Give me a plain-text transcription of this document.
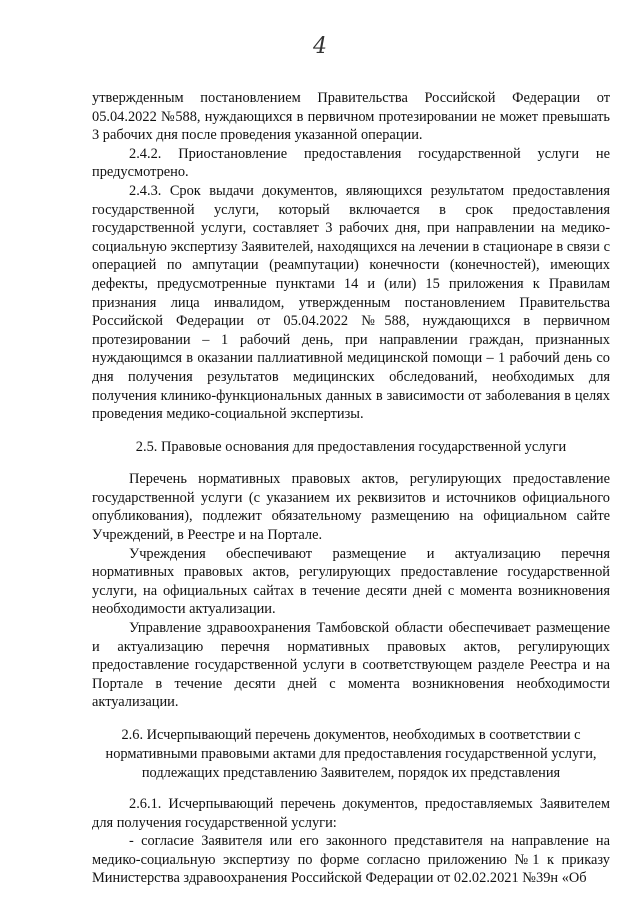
4

утвержденным постановлением Правительства Российской Федерации от 05.04.2022 №588, нуждающихся в первичном протезировании не может превышать 3 рабочих дня после проведения указанной операции.

2.4.2. Приостановление предоставления государственной услуги не предусмотрено.

2.4.3. Срок выдачи документов, являющихся результатом предоставления государственной услуги, который включается в срок предоставления государственной услуги, составляет 3 рабочих дня, при направлении на медико-социальную экспертизу Заявителей, находящихся на лечении в стационаре в связи с операцией по ампутации (реампутации) конечности (конечностей), имеющих дефекты, предусмотренные пунктами 14 и (или) 15 приложения к Правилам признания лица инвалидом, утвержденным постановлением Правительства Российской Федерации от 05.04.2022 №588, нуждающихся в первичном протезировании – 1 рабочий день, при направлении граждан, признанных нуждающимся в оказании паллиативной медицинской помощи – 1 рабочий день со дня получения результатов медицинских обследований, необходимых для получения клинико-функциональных данных в зависимости от заболевания в целях проведения медико-социальной экспертизы.

2.5. Правовые основания для предоставления государственной услуги

Перечень нормативных правовых актов, регулирующих предоставление государственной услуги (с указанием их реквизитов и источников официального опубликования), подлежит обязательному размещению на официальном сайте Учреждений, в Реестре и на Портале.

Учреждения обеспечивают размещение и актуализацию перечня нормативных правовых актов, регулирующих предоставление государственной услуги, на официальных сайтах в течение десяти дней с момента возникновения необходимости актуализации.

Управление здравоохранения Тамбовской области обеспечивает размещение и актуализацию перечня нормативных правовых актов, регулирующих предоставление государственной услуги в соответствующем разделе Реестра и на Портале в течение десяти дней с момента возникновения необходимости актуализации.

2.6. Исчерпывающий перечень документов, необходимых в соответствии с нормативными правовыми актами для предоставления государственной услуги, подлежащих представлению Заявителем, порядок их представления

2.6.1. Исчерпывающий перечень документов, предоставляемых Заявителем для получения государственной услуги:

- согласие Заявителя или его законного представителя на направление на медико-социальную экспертизу по форме согласно приложению №1 к приказу Министерства здравоохранения Российской Федерации от 02.02.2021 №39н «Об
